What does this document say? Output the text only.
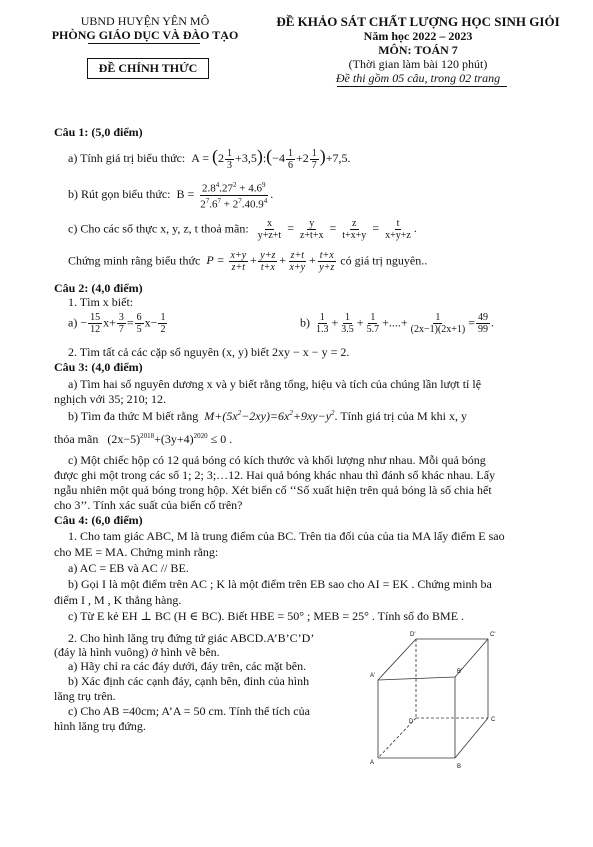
UBND HUYỆN YÊN MÔ
PHÒNG GIÁO DỤC VÀ ĐÀO TẠO
ĐỀ CHÍNH THỨC
ĐỀ KHẢO SÁT CHẤT LƯỢNG HỌC SINH GIỎI
Năm học 2022 – 2023
MÔN: TOÁN 7
(Thời gian làm bài 120 phút)
Đề thi gồm 05 câu, trong 02 trang
Câu 1: (5,0 điểm)
a) Tính giá trị biểu thức:  $A = (2 \frac{1}{3}$ +3,5):(−4 $\frac{1}{6} +2 \frac{1}{7} )+7,5$.
b) Rút gọn biểu thức:  $B = \frac{2.8^4.27^2 + 4.6^9}{2^7.6^7 + 2^7.40.9^4}$ .
c) Cho các số thực x, y, z, t thoả mãn: $\frac{x}{y+z+t} = \frac{y}{z+t+x} = \frac{z}{t+x+y} = \frac{t}{x+y+z}$ .
Chứng minh rằng biểu thức  $P = \frac{x+y}{z+t} + \frac{y+z}{t+x} + \frac{z+t}{x+y} + \frac{t+x}{y+z}$ có giá trị nguyên..
Câu 2: (4,0 điểm)
1. Tìm x biết:
$a) - \frac{15}{12} x+ \frac{3}{7} = \frac{6}{5} x- \frac{1}{2}$	$b) \frac{1}{1.3} + \frac{1}{3.5} + \frac{1}{5.7}$ +....+ $\frac{1}{(2x-1)(2x+1)} = \frac{49}{99}$ .
2. Tìm tất cả các cặp số nguyên (x, y) biết 2xy − x − y = 2.
Câu 3: (4,0 điểm)
a) Tìm hai số nguyên dương x và y biết rằng tổng, hiệu và tích của chúng lần lượt tỉ lệ
nghịch với 35; 210; 12.
b) Tìm đa thức M biết rằng  $M+(5x^2-2xy)=6x^2+9xy-y^2$. Tính giá trị của M khi x, y
thỏa mãn   $(2x-5)^{2018}+(3y+4)^{2020} \le 0$ .
c) Một chiếc hộp có 12 quả bóng có kích thước và khối lượng như nhau. Mỗi quả bóng
được ghi một trong các số 1; 2; 3;…12. Hai quả bóng khác nhau thì đánh số khác nhau. Lấy
ngẫu nhiên một quả bóng trong hộp. Xét biến cố ‘‘Số xuất hiện trên quả bóng là số chia hết
cho 3’’. Tính xác suất của biến cố trên?
Câu 4: (6,0 điểm)
1. Cho tam giác ABC, M là trung điểm của BC. Trên tia đối của của tia MA lấy điểm E sao
cho ME = MA. Chứng minh rằng:
a) AC = EB và AC // BE.
b) Gọi I là một điểm trên AC ; K là một điểm trên EB sao cho AI = EK . Chứng minh ba
điểm I , M , K thẳng hàng.
c) Từ E kẻ EH ⊥ BC (H ∈ BC). Biết HBE = 50° ; MEB = 25° . Tính số đo BME .
2. Cho hình lăng trụ đứng tứ giác ABCD.A’B’C’D’
(đáy là hình vuông) ở hình vẽ bên.
a) Hãy chỉ ra các đáy dưới, đáy trên, các mặt bên.
b) Xác định các cạnh đáy, cạnh bên, đỉnh của hình
lăng trụ trên.
c) Cho AB =40cm; A’A = 50 cm. Tính thể tích của
hình lăng trụ đứng.
D'	C'
B'
A'
D	C
A
B
